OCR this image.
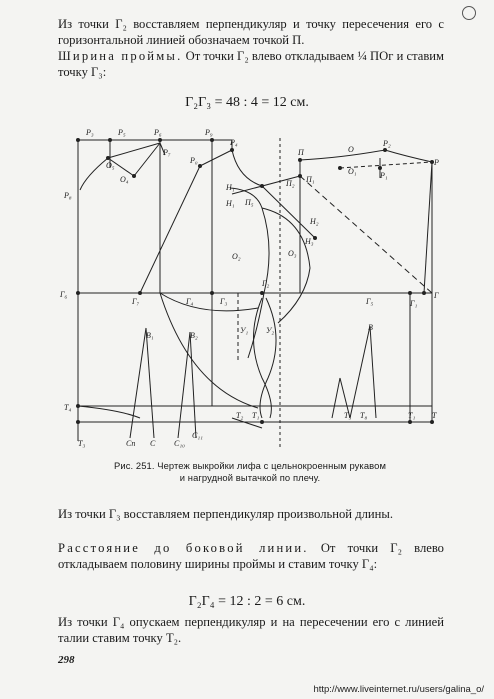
Из точки Г₂ восставляем перпендикуляр и точку пересечения его с горизонтальной линией обозначаем точкой П.

Ширина проймы. От точки Г₂ влево откладываем ¼ ПОг и ставим точку Г₃:

Г₂Г₃ = 48 : 4 = 12 см.

Р₃	Р₅	Р₆	Р₉
Р₄
О₅
О₄
Р₇
Р₈
Р₀
П	О
Р₂
Р
О₁	Р₁
П₂ П₁
Н₁
Н₁ П₅
Н₂
Н₃
О₂	О₃
Г₆
Г₇	Г₃
Г₂
Г₄	Г₅	Г₁
Г
В₁	В₂
В
Т₄
Т₂ Т₁	Т₅ Т₈	Т₁ Т
Т₃	Сп С С₁₀
С₁₁
У₁ У₂

Рис. 251. Чертеж выкройки лифа с цельнокроенным рукавом

и нагрудной вытачкой по плечу.

Из точки Г₃ восставляем перпендикуляр произвольной длины.

Расстояние до боковой линии. От точки Г₂ влево откладываем половину ширины проймы и ставим точку Г₄:

Г₂Г₄ = 12 : 2 = 6 см.

Из точки Г₄ опускаем перпендикуляр и на пересечении его с линией талии ставим точку Т₂.

298
http://www.liveinternet.ru/users/galina_o/
